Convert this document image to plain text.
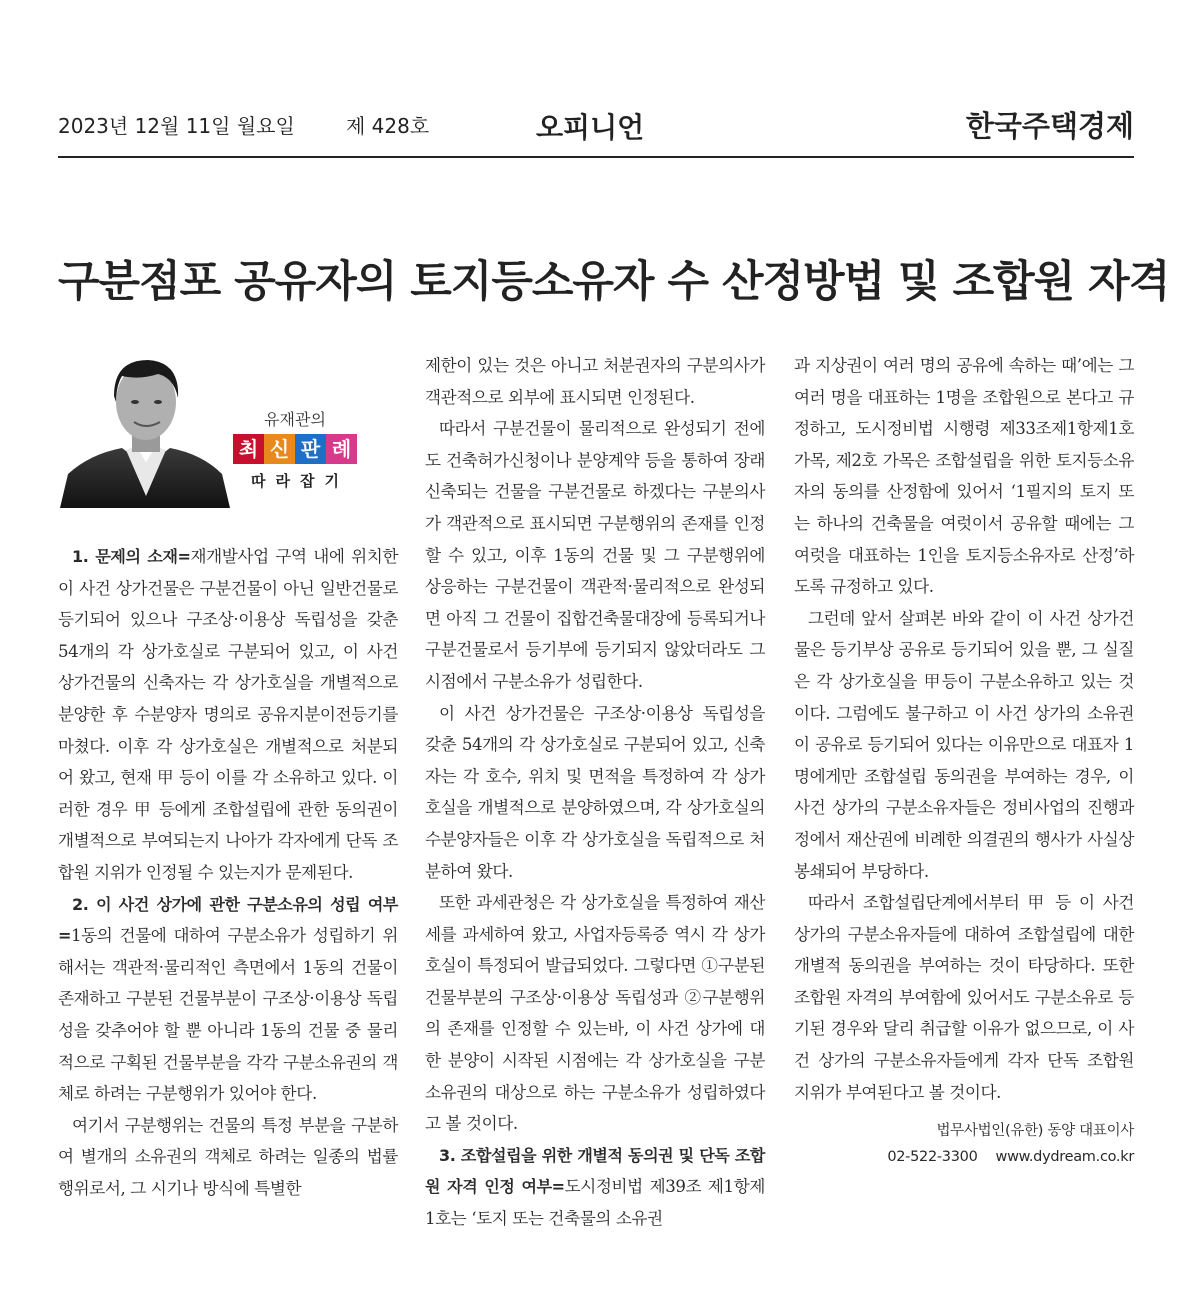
2023년 12월 11일 월요일	제 428호	오피니언	한국주택경제
구분점포 공유자의 토지등소유자 수 산정방법 및 조합원 자격
유재관의
최 신 판 례
따라잡기

1. 문제의 소재=재개발사업 구역 내에 위치한 이 사건 상가건물은 구분건물이 아닌 일반건물로 등기되어 있으나 구조상·이용상 독립성을 갖춘 54개의 각 상가호실로 구분되어 있고, 이 사건 상가건물의 신축자는 각 상가호실을 개별적으로 분양한 후 수분양자 명의로 공유지분이전등기를 마쳤다. 이후 각 상가호실은 개별적으로 처분되어 왔고, 현재 甲 등이 이를 각 소유하고 있다. 이러한 경우 甲 등에게 조합설립에 관한 동의권이 개별적으로 부여되는지 나아가 각자에게 단독 조합원 지위가 인정될 수 있는지가 문제된다.

2. 이 사건 상가에 관한 구분소유의 성립 여부=1동의 건물에 대하여 구분소유가 성립하기 위해서는 객관적·물리적인 측면에서 1동의 건물이 존재하고 구분된 건물부분이 구조상·이용상 독립성을 갖추어야 할 뿐 아니라 1동의 건물 중 물리적으로 구획된 건물부분을 각각 구분소유권의 객체로 하려는 구분행위가 있어야 한다.

여기서 구분행위는 건물의 특정 부분을 구분하여 별개의 소유권의 객체로 하려는 일종의 법률행위로서, 그 시기나 방식에 특별한

제한이 있는 것은 아니고 처분권자의 구분의사가 객관적으로 외부에 표시되면 인정된다.

따라서 구분건물이 물리적으로 완성되기 전에도 건축허가신청이나 분양계약 등을 통하여 장래 신축되는 건물을 구분건물로 하겠다는 구분의사가 객관적으로 표시되면 구분행위의 존재를 인정할 수 있고, 이후 1동의 건물 및 그 구분행위에 상응하는 구분건물이 객관적·물리적으로 완성되면 아직 그 건물이 집합건축물대장에 등록되거나 구분건물로서 등기부에 등기되지 않았더라도 그 시점에서 구분소유가 성립한다.

이 사건 상가건물은 구조상·이용상 독립성을 갖춘 54개의 각 상가호실로 구분되어 있고, 신축자는 각 호수, 위치 및 면적을 특정하여 각 상가호실을 개별적으로 분양하였으며, 각 상가호실의 수분양자들은 이후 각 상가호실을 독립적으로 처분하여 왔다.

또한 과세관청은 각 상가호실을 특정하여 재산세를 과세하여 왔고, 사업자등록증 역시 각 상가호실이 특정되어 발급되었다. 그렇다면 ①구분된 건물부분의 구조상·이용상 독립성과 ②구분행위의 존재를 인정할 수 있는바, 이 사건 상가에 대한 분양이 시작된 시점에는 각 상가호실을 구분소유권의 대상으로 하는 구분소유가 성립하였다고 볼 것이다.

3. 조합설립을 위한 개별적 동의권 및 단독 조합원 자격 인정 여부=도시정비법 제39조 제1항제1호는 ‘토지 또는 건축물의 소유권

과 지상권이 여러 명의 공유에 속하는 때’에는 그 여러 명을 대표하는 1명을 조합원으로 본다고 규정하고, 도시정비법 시행령 제33조제1항제1호 가목, 제2호 가목은 조합설립을 위한 토지등소유자의 동의를 산정함에 있어서 ‘1필지의 토지 또는 하나의 건축물을 여럿이서 공유할 때에는 그 여럿을 대표하는 1인을 토지등소유자로 산정’하도록 규정하고 있다.

그런데 앞서 살펴본 바와 같이 이 사건 상가건물은 등기부상 공유로 등기되어 있을 뿐, 그 실질은 각 상가호실을 甲등이 구분소유하고 있는 것이다. 그럼에도 불구하고 이 사건 상가의 소유권이 공유로 등기되어 있다는 이유만으로 대표자 1명에게만 조합설립 동의권을 부여하는 경우, 이 사건 상가의 구분소유자들은 정비사업의 진행과정에서 재산권에 비례한 의결권의 행사가 사실상 봉쇄되어 부당하다.

따라서 조합설립단계에서부터 甲 등 이 사건 상가의 구분소유자들에 대하여 조합설립에 대한 개별적 동의권을 부여하는 것이 타당하다. 또한 조합원 자격의 부여함에 있어서도 구분소유로 등기된 경우와 달리 취급할 이유가 없으므로, 이 사건 상가의 구분소유자들에게 각자 단독 조합원 지위가 부여된다고 볼 것이다.

법무사법인(유한) 동양 대표이사
02-522-3300 www.dydream.co.kr
